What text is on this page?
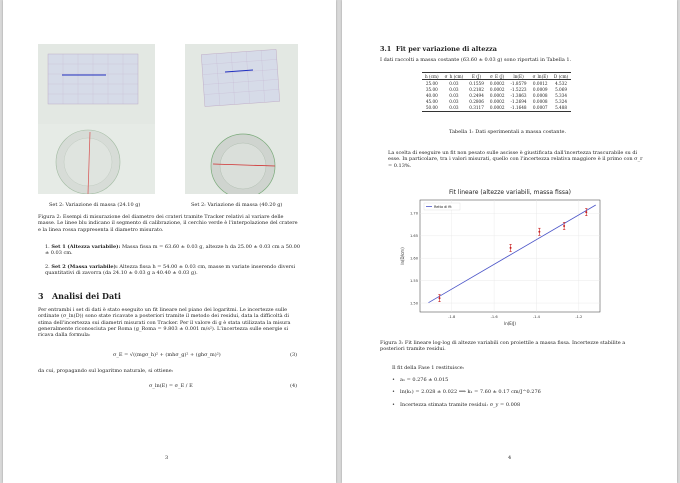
Set 2: Variazione di massa (24.10 g)	Set 2: Variazione di massa (40.20 g)
Figura 2: Esempi di misurazione del diametro dei crateri tramite Tracker relativi al variare delle masse. Le linee blu indicano il segmento di calibrazione, il cerchio verde è l'interpolazione del cratere e la linea rossa rappresenta il diametro misurato.
1. Set 1 (Altezza variabile): Massa fissa m = 63.60 ± 0.03 g, altezze h da 25.00 ± 0.03 cm a 50.00 ± 0.03 cm.
2. Set 2 (Massa variabile): Altezza fissa h = 54.00 ± 0.03 cm, masse m variate inserendo diversi quantitativi di zavorra (da 24.10 ± 0.03 g a 40.40 ± 0.03 g).
3 Analisi dei Dati
Per entrambi i set di dati è stato eseguito un fit lineare nel piano dei logaritmi. Le incertezze sulle ordinate (σ_ln(D)) sono state ricavate a posteriori tramite il metodo dei residui, data la difficoltà di stima dell'incertezza sui diametri misurati con Tracker. Per il valore di g è stata utilizzata la misura generalmente riconosciuta per Roma (g_Roma = 9.803 ± 0.001 m/s²). L'incertezza sulle energie si ricava dalla formula:
σ_E = √((mgσ_h)² + (mhσ_g)² + (ghσ_m)²)	(3)
da cui, propagando sul logaritmo naturale, si ottiene:
σ_ln(E) = σ_E / E	(4)
3
3.1 Fit per variazione di altezza
I dati raccolti a massa costante (63.60 ± 0.03 g) sono riportati in Tabella 1.
h (cm)	σ_h (cm)	E (J)	σ_E (J)	ln(E)	σ_ln(E)	D (cm)
25.00	0.03	0.1559	0.0002	-1.8579	0.0012	4.532
35.00	0.03	0.2182	0.0002	-1.5223	0.0009	5.069
40.00	0.03	0.2494	0.0002	-1.3863	0.0008	5.334
45.00	0.03	0.2806	0.0002	-1.2694	0.0008	5.324
50.00	0.03	0.3117	0.0002	-1.1648	0.0007	5.488
Tabella 1: Dati sperimentali a massa costante.
La scelta di eseguire un fit non pesato sulle ascisse è giustificata dall'incertezza trascurabile su di esse. In particolare, tra i valori misurati, quello con l'incertezza relativa maggiore è il primo con σ_r = 0.13%.
Fit lineare (altezze variabili, massa fissa)
-1.8	-1.6	-1.4	-1.2
1.50
1.55
1.60
1.65
1.70
ln(E/J)
ln(D/cm)
Retta di fit
Figura 3: Fit lineare log-log di altezze variabili con proiettile a massa fissa. Incertezze stabilite a posteriori tramite residui.
Il fit della Fase 1 restituisce:
• a₁ = 0.276 ± 0.015
• ln(k₁) = 2.028 ± 0.022 ⟹ k₁ = 7.60 ± 0.17 cm/J^0.276
• Incertezza stimata tramite residui: σ_y = 0.008
4
